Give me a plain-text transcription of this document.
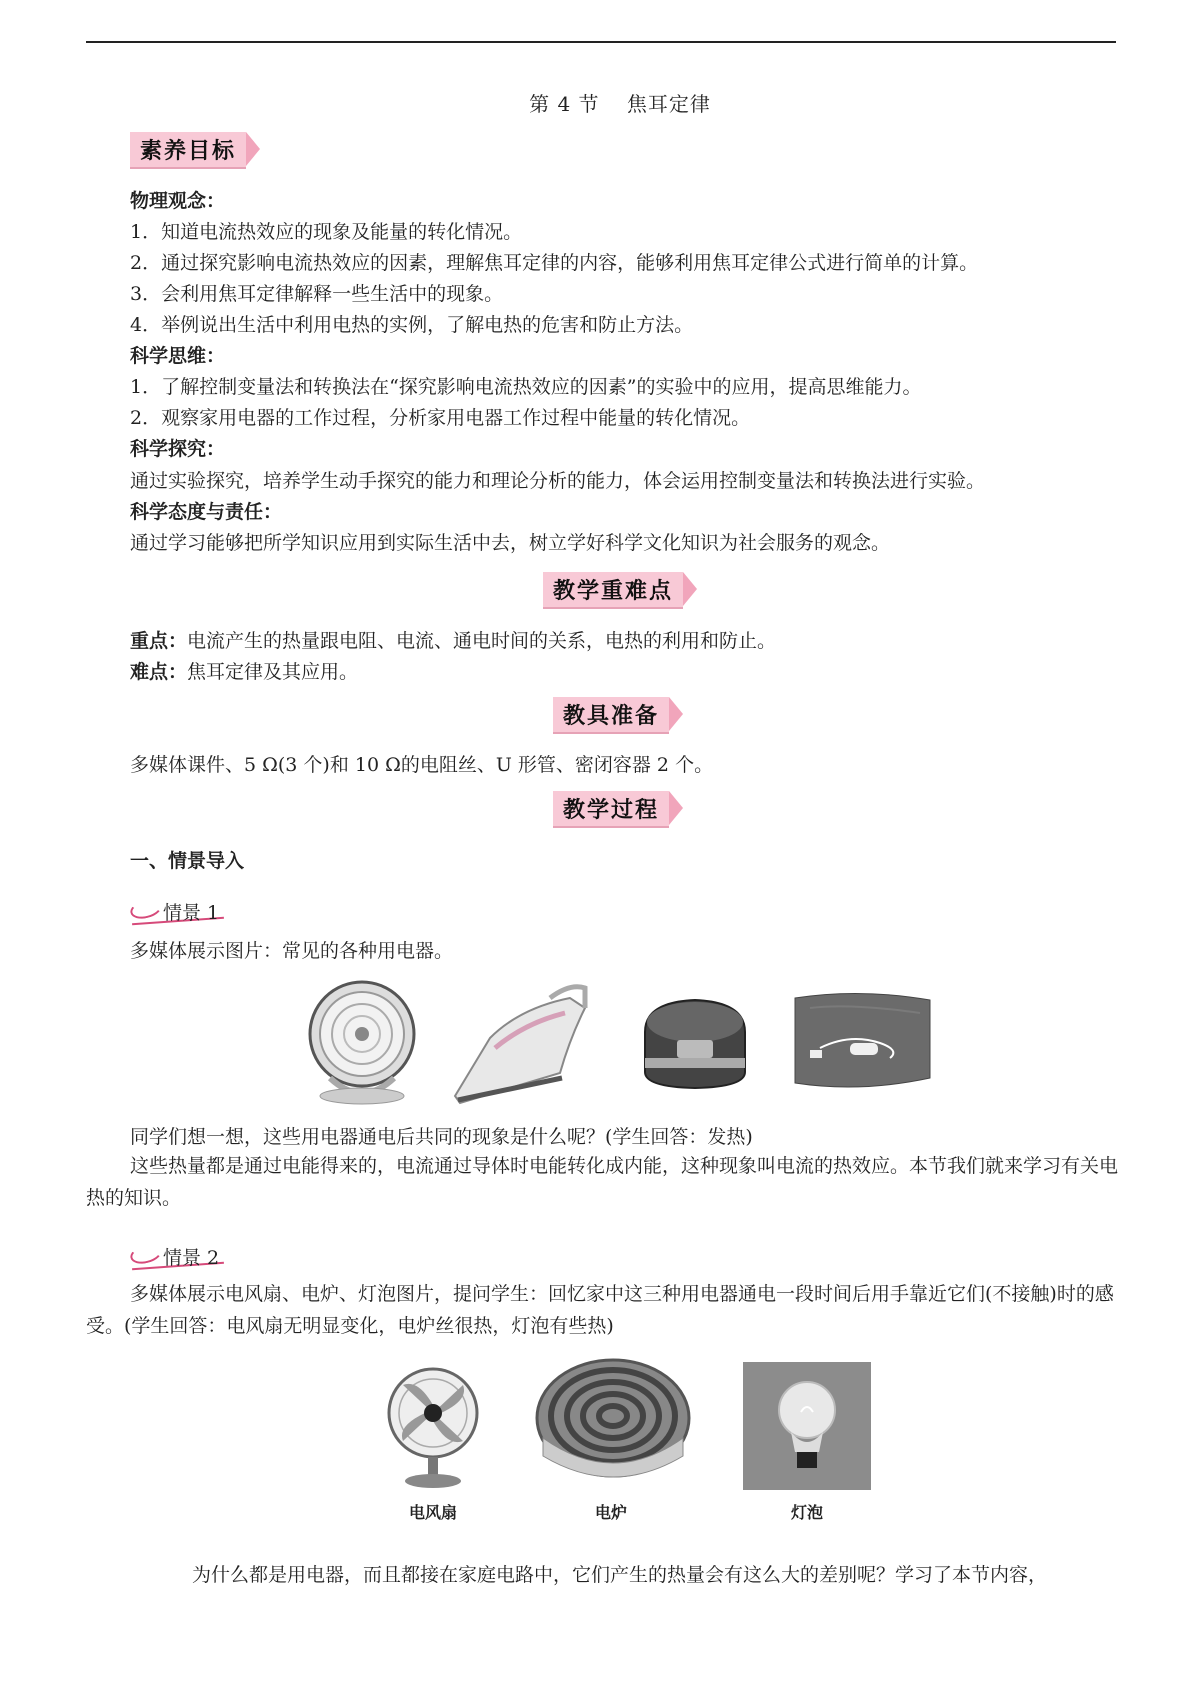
第 4 节 焦耳定律
素养目标
物理观念：
1．知道电流热效应的现象及能量的转化情况。
2．通过探究影响电流热效应的因素，理解焦耳定律的内容，能够利用焦耳定律公式进行简单的计算。
3．会利用焦耳定律解释一些生活中的现象。
4．举例说出生活中利用电热的实例，了解电热的危害和防止方法。
科学思维：
1．了解控制变量法和转换法在“探究影响电流热效应的因素”的实验中的应用，提高思维能力。
2．观察家用电器的工作过程，分析家用电器工作过程中能量的转化情况。
科学探究：
通过实验探究，培养学生动手探究的能力和理论分析的能力，体会运用控制变量法和转换法进行实验。
科学态度与责任：
通过学习能够把所学知识应用到实际生活中去，树立学好科学文化知识为社会服务的观念。
教学重难点
重点：电流产生的热量跟电阻、电流、通电时间的关系，电热的利用和防止。
难点：焦耳定律及其应用。
教具准备
多媒体课件、5 Ω(3 个)和 10 Ω的电阻丝、U 形管、密闭容器 2 个。
教学过程
一、情景导入
情景 1
多媒体展示图片：常见的各种用电器。
同学们想一想，这些用电器通电后共同的现象是什么呢？(学生回答：发热)
这些热量都是通过电能得来的，电流通过导体时电能转化成内能，这种现象叫电流的热效应。本节我们就来学习有关电热的知识。
情景 2
多媒体展示电风扇、电炉、灯泡图片，提问学生：回忆家中这三种用电器通电一段时间后用手靠近它们(不接触)时的感受。(学生回答：电风扇无明显变化，电炉丝很热，灯泡有些热)
电风扇	电炉	灯泡
为什么都是用电器，而且都接在家庭电路中，它们产生的热量会有这么大的差别呢？学习了本节内容，
